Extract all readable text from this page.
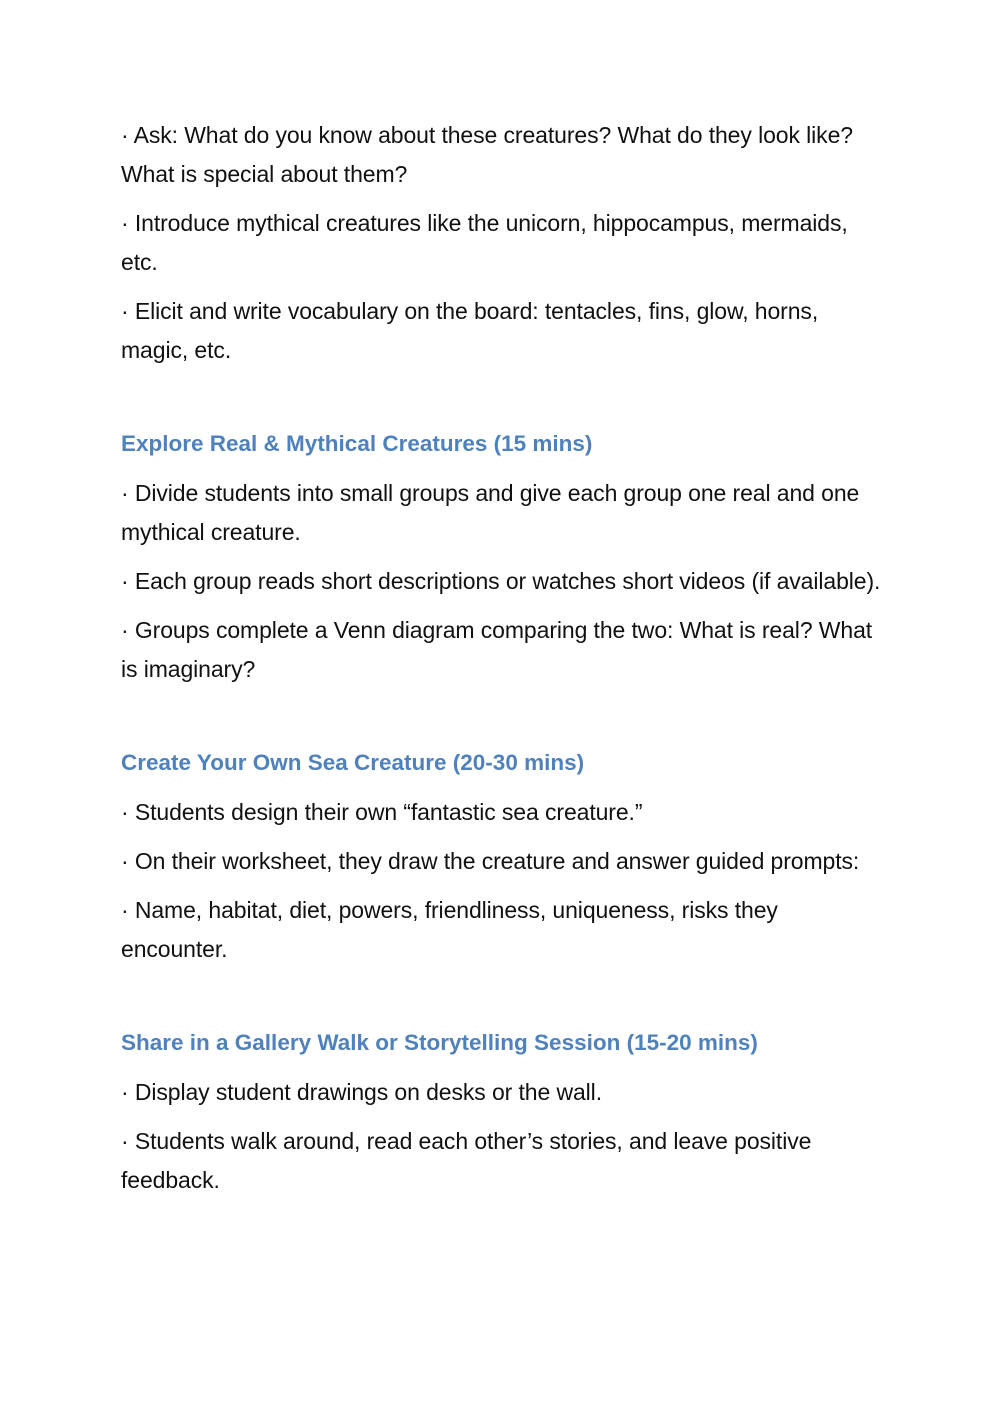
· Ask: What do you know about these creatures? What do they look like? What is special about them?

· Introduce mythical creatures like the unicorn, hippocampus, mermaids, etc.

· Elicit and write vocabulary on the board: tentacles, fins, glow, horns, magic, etc.

Explore Real & Mythical Creatures (15 mins)

· Divide students into small groups and give each group one real and one mythical creature.

· Each group reads short descriptions or watches short videos (if available).

· Groups complete a Venn diagram comparing the two: What is real? What is imaginary?

Create Your Own Sea Creature (20-30 mins)

· Students design their own “fantastic sea creature.”

· On their worksheet, they draw the creature and answer guided prompts:

· Name, habitat, diet, powers, friendliness, uniqueness, risks they encounter.

Share in a Gallery Walk or Storytelling Session (15-20 mins)

· Display student drawings on desks or the wall.

· Students walk around, read each other’s stories, and leave positive feedback.
